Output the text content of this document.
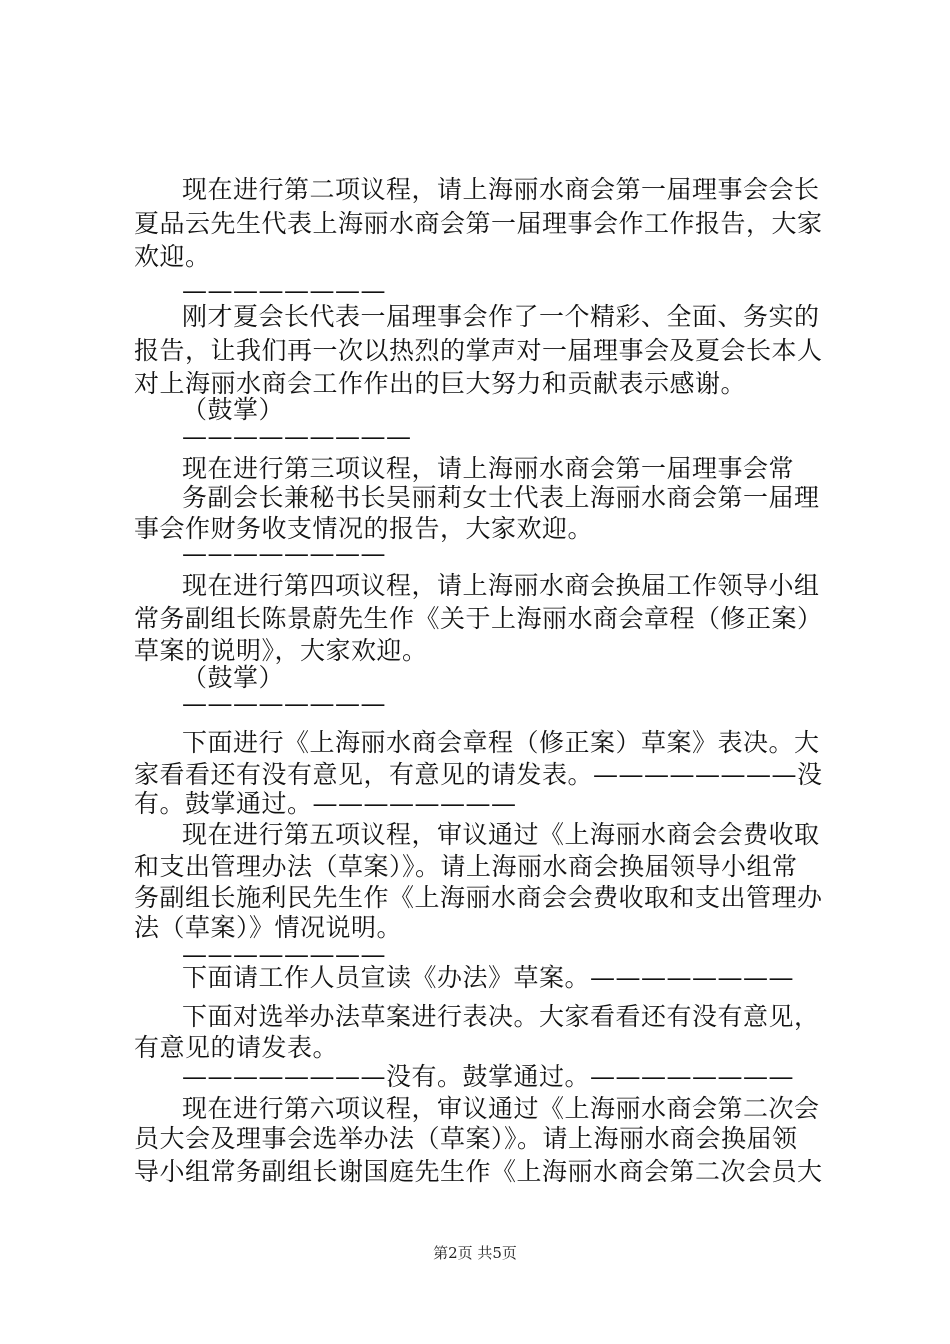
现在进行第二项议程，请上海丽水商会第一届理事会会长
夏品云先生代表上海丽水商会第一届理事会作工作报告，大家
欢迎。
————————
刚才夏会长代表一届理事会作了一个精彩、全面、务实的
报告，让我们再一次以热烈的掌声对一届理事会及夏会长本人
对上海丽水商会工作作出的巨大努力和贡献表示感谢。
（鼓掌）
—————————
现在进行第三项议程，请上海丽水商会第一届理事会常
务副会长兼秘书长吴丽莉女士代表上海丽水商会第一届理
事会作财务收支情况的报告，大家欢迎。
————————
现在进行第四项议程，请上海丽水商会换届工作领导小组
常务副组长陈景蔚先生作《关于上海丽水商会章程（修正案）
草案的说明》，大家欢迎。
（鼓掌）
————————
下面进行《上海丽水商会章程（修正案）草案》表决。大
家看看还有没有意见，有意见的请发表。————————没
有。鼓掌通过。————————
现在进行第五项议程，审议通过《上海丽水商会会费收取
和支出管理办法（草案）》。请上海丽水商会换届领导小组常
务副组长施利民先生作《上海丽水商会会费收取和支出管理办
法（草案）》情况说明。
————————
下面请工作人员宣读《办法》草案。————————
下面对选举办法草案进行表决。大家看看还有没有意见，
有意见的请发表。
————————没有。鼓掌通过。————————
现在进行第六项议程，审议通过《上海丽水商会第二次会
员大会及理事会选举办法（草案）》。请上海丽水商会换届领
导小组常务副组长谢国庭先生作《上海丽水商会第二次会员大
第2页 共5页
